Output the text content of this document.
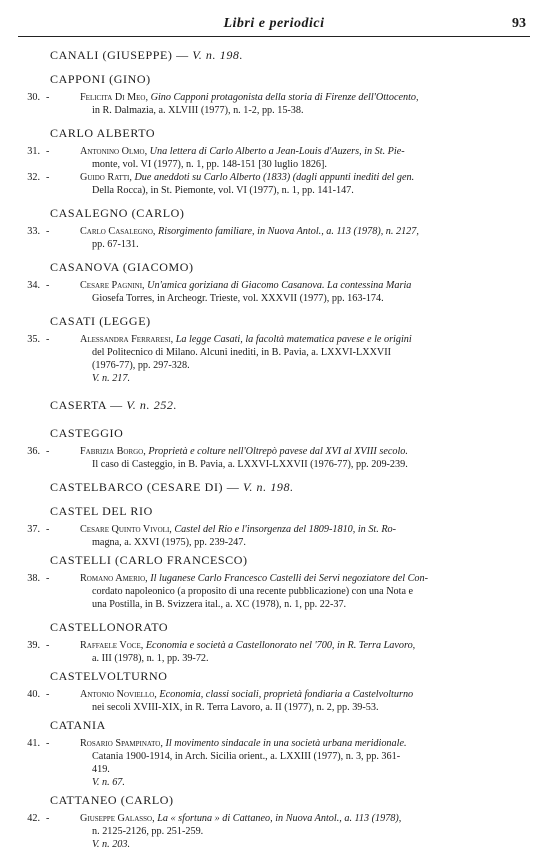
Libri e periodici	93
CANALI (GIUSEPPE) — V. n. 198.
CAPPONI (GINO)
30. -	Felicita Di Meo, Gino Capponi protagonista della storia di Firenze dell'Ottocento,
in R. Dalmazia, a. XLVIII (1977), n. 1-2, pp. 15-38.
CARLO ALBERTO
31. -	Antonino Olmo, Una lettera di Carlo Alberto a Jean-Louis d'Auzers, in St. Pie-
monte, vol. VI (1977), n. 1, pp. 148-151 [30 luglio 1826].
32. -	Guido Ratti, Due aneddoti su Carlo Alberto (1833) (dagli appunti inediti del gen.
Della Rocca), in St. Piemonte, vol. VI (1977), n. 1, pp. 141-147.
CASALEGNO (CARLO)
33. -	Carlo Casalegno, Risorgimento familiare, in Nuova Antol., a. 113 (1978), n. 2127,
pp. 67-131.
CASANOVA (GIACOMO)
34. -	Cesare Pagnini, Un'amica goriziana di Giacomo Casanova. La contessina Maria
Giosefa Torres, in Archeogr. Triestе, vol. XXXVII (1977), pp. 163-174.
CASATI (LEGGE)
35. -	Alessandra Ferraresi, La legge Casati, la facoltà matematica pavese e le origini
del Politecnico di Milano. Alcuni inediti, in B. Pavia, a. LXXVI-LXXVII
(1976-77), pp. 297-328.
V. n. 217.
CASERTA — V. n. 252.
CASTEGGIO
36. -	Fabrizia Borgo, Proprietà e colture nell'Oltrepò pavese dal XVI al XVIII secolo.
Il caso di Casteggio, in B. Pavia, a. LXXVI-LXXVII (1976-77), pp. 209-239.
CASTELBARCO (CESARE DI) — V. n. 198.
CASTEL DEL RIO
37. -	Cesare Quinto Vivoli, Castel del Rio e l'insorgenza del 1809-1810, in St. Ro-
magna, a. XXVI (1975), pp. 239-247.
CASTELLI (CARLO FRANCESCO)
38. -	Romano Amerio, Il luganese Carlo Francesco Castelli dei Servi negoziatore del Con-
cordato napoleonico (a proposito di una recente pubblicazione) con una Nota e
una Postilla, in B. Svizzera ital., a. XC (1978), n. 1, pp. 22-37.
CASTELLONORATO
39. -	Raffaele Voce, Economia e società a Castellonorato nel '700, in R. Terra Lavoro,
a. III (1978), n. 1, pp. 39-72.
CASTELVOLTURNO
40. -	Antonio Noviello, Economia, classi sociali, proprietà fondiaria a Castelvolturno
nei secoli XVIII-XIX, in R. Terra Lavoro, a. II (1977), n. 2, pp. 39-53.
CATANIA
41. -	Rosario Spampinato, Il movimento sindacale in una società urbana meridionale.
Catania 1900-1914, in Arch. Sicilia orient., a. LXXIII (1977), n. 3, pp. 361-
419.
V. n. 67.
CATTANEO (CARLO)
42. -	Giuseppe Galasso, La « sfortuna » di Cattaneo, in Nuova Antol., a. 113 (1978),
n. 2125-2126, pp. 251-259.
V. n. 203.
